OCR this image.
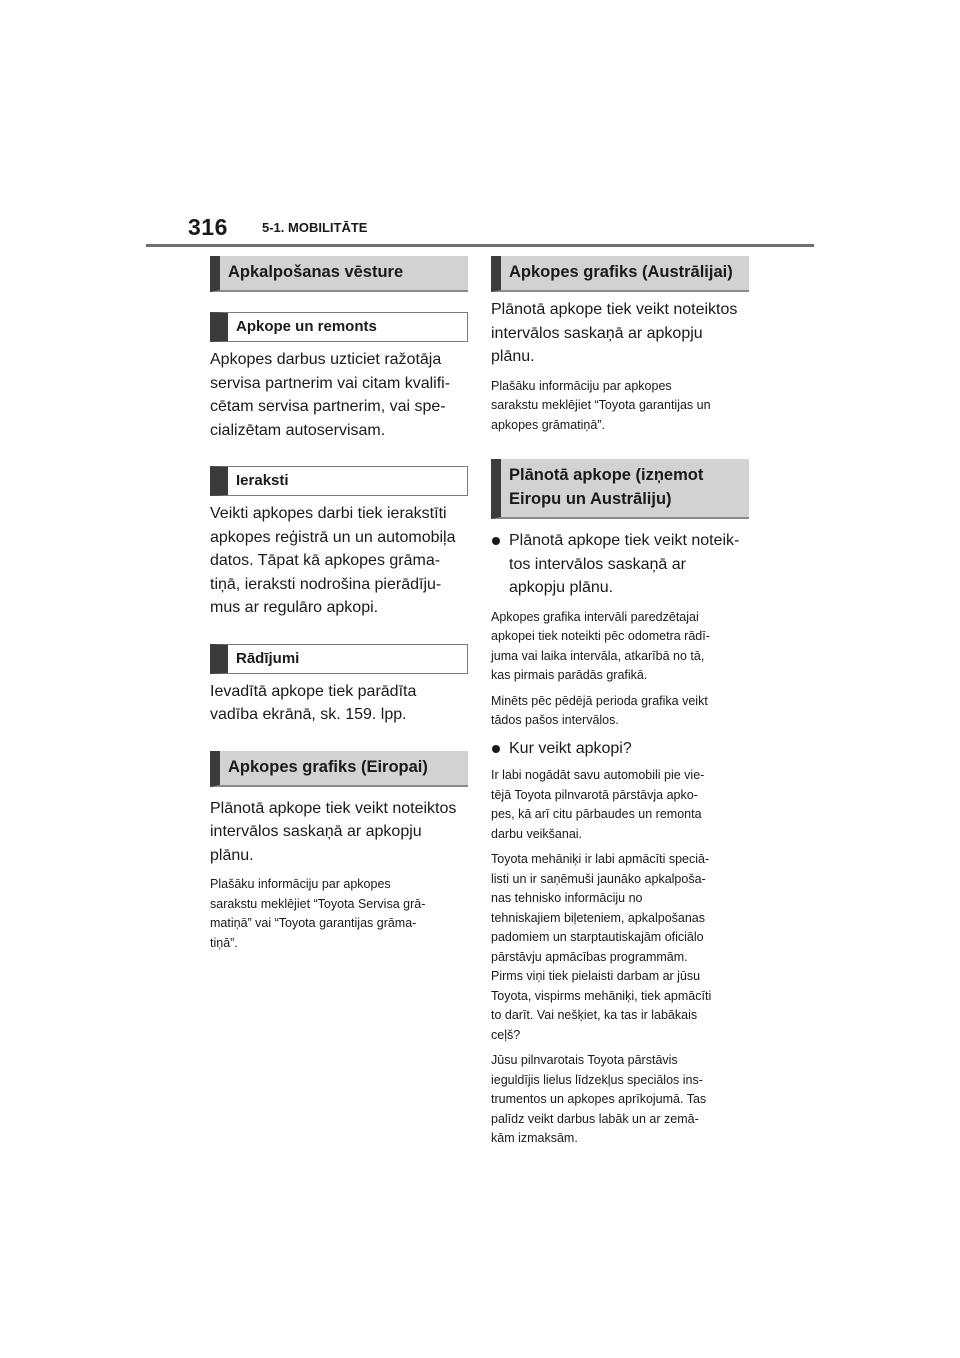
316	5-1. MOBILITĀTE
Apkalpošanas vēsture
Apkope un remonts

Apkopes darbus uzticiet ražotāja
servisa partnerim vai citam kvalifi-
cētam servisa partnerim, vai spe-
cializētam autoservisam.

Ieraksti

Veikti apkopes darbi tiek ierakstīti
apkopes reģistrā un un automobiļa
datos. Tāpat kā apkopes grāma-
tiņā, ieraksti nodrošina pierādīju-
mus ar regulāro apkopi.

Rādījumi

Ievadītā apkope tiek parādīta
vadība ekrānā, sk. 159. lpp.

Apkopes grafiks (Eiropai)

Plānotā apkope tiek veikt noteiktos
intervālos saskaņā ar apkopju
plānu.

Plašāku informāciju par apkopes
sarakstu meklējiet “Toyota Servisa grā-
matiņā” vai “Toyota garantijas grāma-
tiņā”.

Apkopes grafiks (Austrālijai)

Plānotā apkope tiek veikt noteiktos
intervālos saskaņā ar apkopju
plānu.

Plašāku informāciju par apkopes
sarakstu meklējiet “Toyota garantijas un
apkopes grāmatiņā”.

Plānotā apkope (izņemot
Eiropu un Austrāliju)
Plānotā apkope tiek veikt noteik-
tos intervālos saskaņā ar
apkopju plānu.

Apkopes grafika intervāli paredzētajai
apkopei tiek noteikti pēc odometra rādī-
juma vai laika intervāla, atkarībā no tā,
kas pirmais parādās grafikā.

Minēts pēc pēdējā perioda grafika veikt
tādos pašos intervālos.

Kur veikt apkopi?

Ir labi nogādāt savu automobili pie vie-
tējā Toyota pilnvarotā pārstāvja apko-
pes, kā arī citu pārbaudes un remonta
darbu veikšanai.

Toyota mehāniķi ir labi apmācīti speciā-
listi un ir saņēmuši jaunāko apkalpoša-
nas tehnisko informāciju no
tehniskajiem biļeteniem, apkalpošanas
padomiem un starptautiskajām oficiālo
pārstāvju apmācības programmām.
Pirms viņi tiek pielaisti darbam ar jūsu
Toyota, vispirms mehāniķi, tiek apmācīti
to darīt. Vai nešķiet, ka tas ir labākais
ceļš?

Jūsu pilnvarotais Toyota pārstāvis
ieguldījis lielus līdzekļus speciālos ins-
trumentos un apkopes aprīkojumā. Tas
palīdz veikt darbus labāk un ar zemā-
kām izmaksām.
